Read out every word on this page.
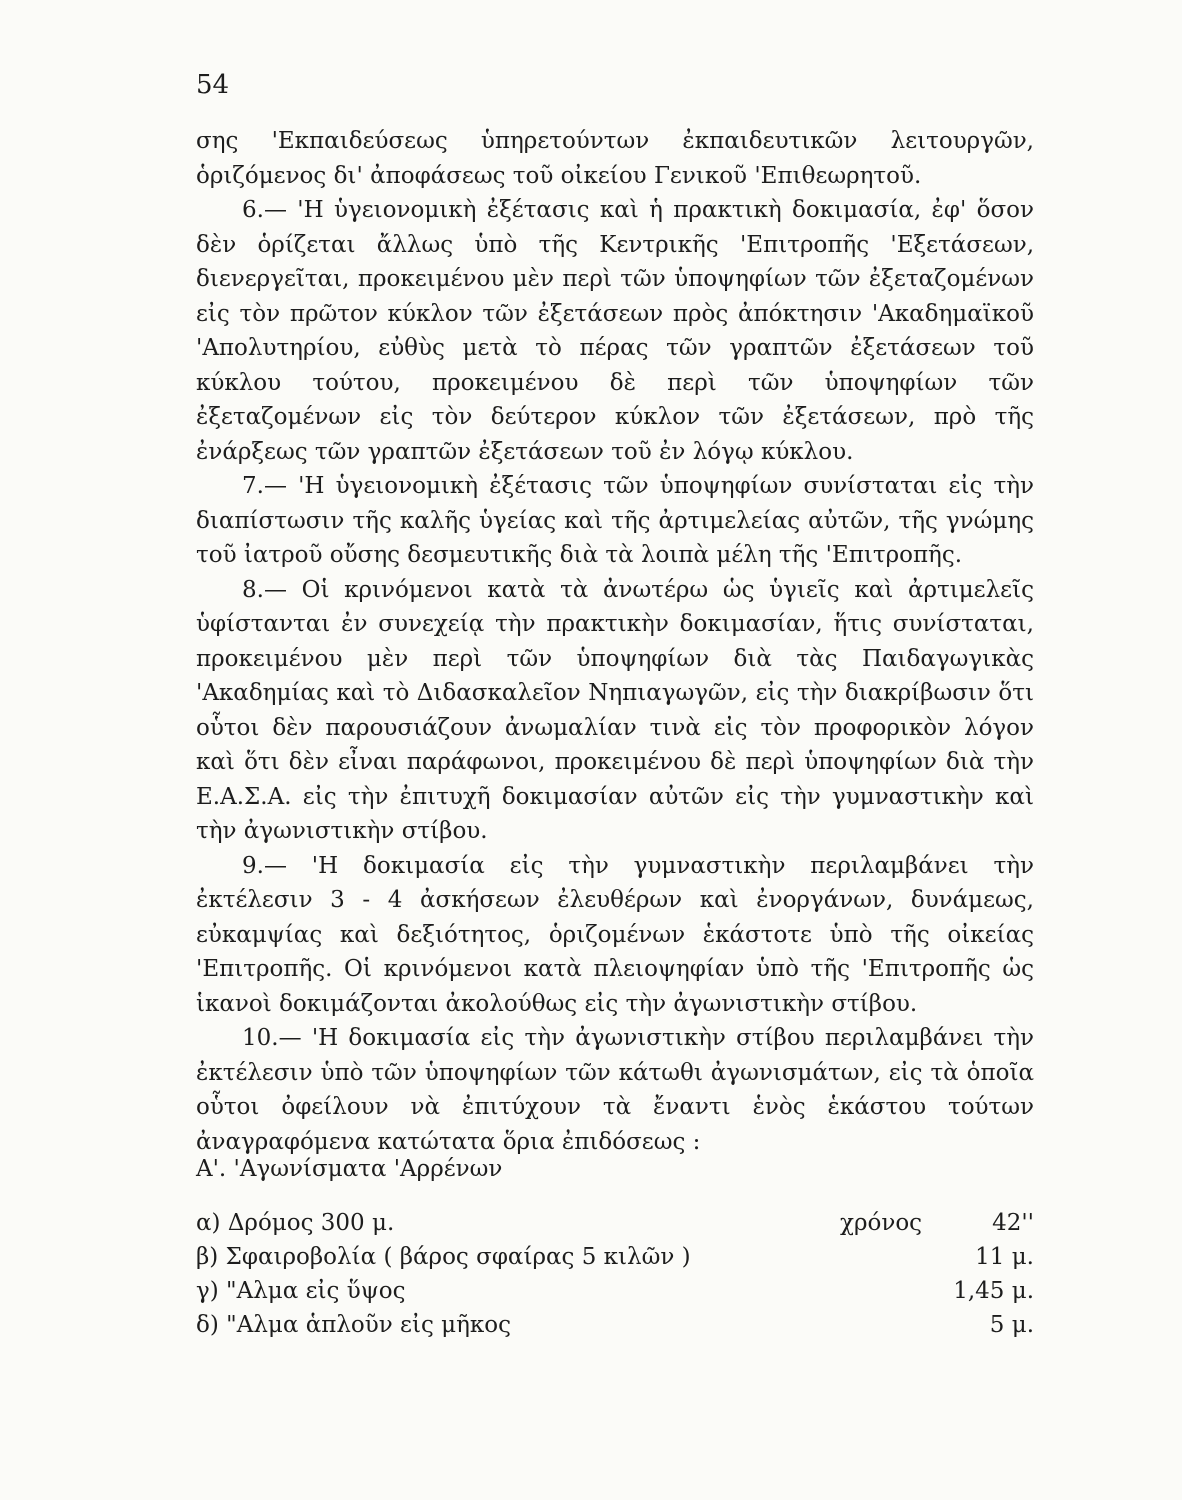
54

σης 'Εκπαιδεύσεως ὑπηρετούντων ἐκπαιδευτικῶν λειτουργῶν, ὁριζόμενος δι' ἀποφάσεως τοῦ οἰκείου Γενικοῦ 'Επιθεωρητοῦ.

6.— 'Η ὑγειονομικὴ ἐξέτασις καὶ ἡ πρακτικὴ δοκιμασία, ἐφ' ὅσον δὲν ὁρίζεται ἄλλως ὑπὸ τῆς Κεντρικῆς 'Επιτροπῆς 'Εξετάσεων, διενεργεῖται, προκειμένου μὲν περὶ τῶν ὑποψηφίων τῶν ἐξεταζομένων εἰς τὸν πρῶτον κύκλον τῶν ἐξετάσεων πρὸς ἀπόκτησιν 'Ακαδημαϊκοῦ 'Απολυτηρίου, εὐθὺς μετὰ τὸ πέρας τῶν γραπτῶν ἐξετάσεων τοῦ κύκλου τούτου, προκειμένου δὲ περὶ τῶν ὑποψηφίων τῶν ἐξεταζομένων εἰς τὸν δεύτερον κύκλον τῶν ἐξετάσεων, πρὸ τῆς ἐνάρξεως τῶν γραπτῶν ἐξετάσεων τοῦ ἐν λόγῳ κύκλου.

7.— 'Η ὑγειονομικὴ ἐξέτασις τῶν ὑποψηφίων συνίσταται εἰς τὴν διαπίστωσιν τῆς καλῆς ὑγείας καὶ τῆς ἀρτιμελείας αὐτῶν, τῆς γνώμης τοῦ ἰατροῦ οὔσης δεσμευτικῆς διὰ τὰ λοιπὰ μέλη τῆς 'Επιτροπῆς.

8.— Οἱ κρινόμενοι κατὰ τὰ ἀνωτέρω ὡς ὑγιεῖς καὶ ἀρτιμελεῖς ὑφίστανται ἐν συνεχείᾳ τὴν πρακτικὴν δοκιμασίαν, ἥτις συνίσταται, προκειμένου μὲν περὶ τῶν ὑποψηφίων διὰ τὰς Παιδαγωγικὰς 'Ακαδημίας καὶ τὸ Διδασκαλεῖον Νηπιαγωγῶν, εἰς τὴν διακρίβωσιν ὅτι οὗτοι δὲν παρουσιάζουν ἀνωμαλίαν τινὰ εἰς τὸν προφορικὸν λόγον καὶ ὅτι δὲν εἶναι παράφωνοι, προκειμένου δὲ περὶ ὑποψηφίων διὰ τὴν Ε.Α.Σ.Α. εἰς τὴν ἐπιτυχῆ δοκιμασίαν αὐτῶν εἰς τὴν γυμναστικὴν καὶ τὴν ἀγωνιστικὴν στίβου.

9.— 'Η δοκιμασία εἰς τὴν γυμναστικὴν περιλαμβάνει τὴν ἐκτέλεσιν 3 - 4 ἀσκήσεων ἐλευθέρων καὶ ἐνοργάνων, δυνάμεως, εὐκαμψίας καὶ δεξιότητος, ὁριζομένων ἑκάστοτε ὑπὸ τῆς οἰκείας 'Επιτροπῆς. Οἱ κρινόμενοι κατὰ πλειοψηφίαν ὑπὸ τῆς 'Επιτροπῆς ὡς ἱκανοὶ δοκιμάζονται ἀκολούθως εἰς τὴν ἀγωνιστικὴν στίβου.

10.— 'Η δοκιμασία εἰς τὴν ἀγωνιστικὴν στίβου περιλαμβάνει τὴν ἐκτέλεσιν ὑπὸ τῶν ὑποψηφίων τῶν κάτωθι ἀγωνισμάτων, εἰς τὰ ὁποῖα οὗτοι ὀφείλουν νὰ ἐπιτύχουν τὰ ἔναντι ἑνὸς ἑκάστου τούτων ἀναγραφόμενα κατώτατα ὅρια ἐπιδόσεως :

Α'. 'Αγωνίσματα 'Αρρένων
α) Δρόμος 300 μ.	χρόνος	42''
β) Σφαιροβολία ( βάρος σφαίρας 5 κιλῶν )	11 μ.
γ) "Αλμα εἰς ὕψος	1,45 μ.
δ) "Αλμα ἁπλοῦν εἰς μῆκος	5 μ.
